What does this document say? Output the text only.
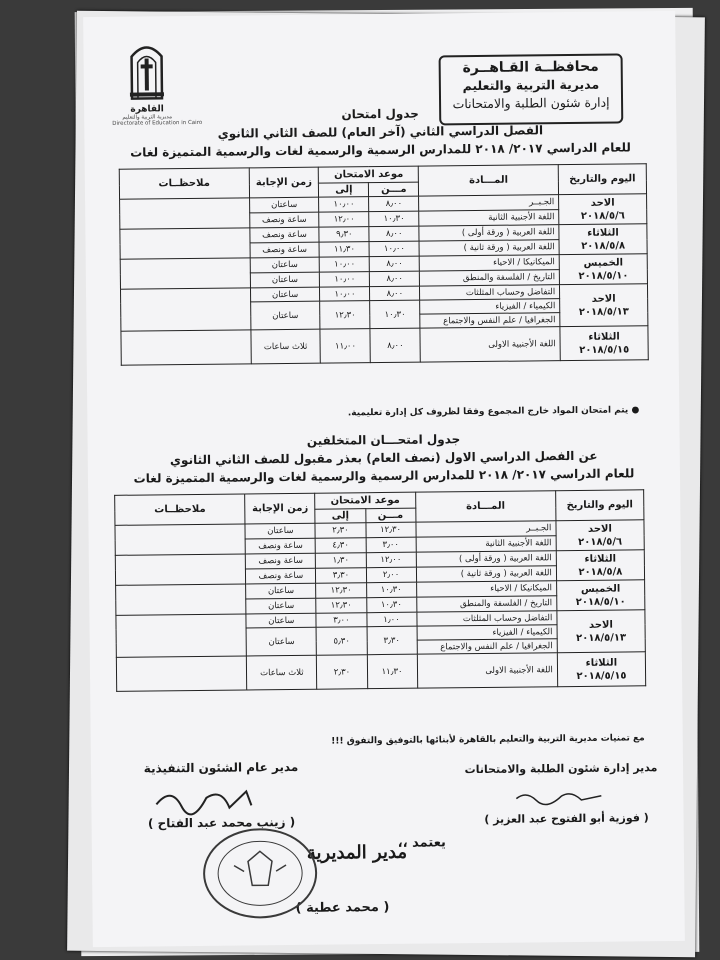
القاهرة
مديرية التربية والتعليم
Directorate of Education in Cairo
محافظــة القـاهــرة
مديرية التربية والتعليم
إدارة شئون الطلبة والامتحانات
جدول امتحان
الفصل الدراسي الثاني (آخر العام) للصف الثاني الثانوي
للعام الدراسي ٢٠١٧/ ٢٠١٨ للمدارس الرسمية والرسمية لغات والرسمية المتميزة لغات
اليوم والتاريخ	المـــادة	موعد الامتحان		زمن الإجابة	ملاحظــات
		مـــن	إلى		

الاحد
٢٠١٨/٥/٦	الجـبــر	٨٫٠٠	١٠٫٠٠	ساعتان	
	اللغة الأجنبية الثانية	١٠٫٣٠	١٢٫٠٠	ساعة ونصف	

الثلاثاء
٢٠١٨/٥/٨	اللغة العربية ( ورقة أولى )	٨٫٠٠	٩٫٣٠	ساعة ونصف	
	اللغة العربية ( ورقة ثانية )	١٠٫٠٠	١١٫٣٠	ساعة ونصف	

الخميس
٢٠١٨/٥/١٠	الميكانيكا / الاحياء	٨٫٠٠	١٠٫٠٠	ساعتان	
	التاريخ / الفلسفة والمنطق	٨٫٠٠	١٠٫٠٠	ساعتان	

الاحد
٢٠١٨/٥/١٣	التفاضل وحساب المثلثات	٨٫٠٠	١٠٫٠٠	ساعتان	
	الكيمياء / الفيزياء	١٠٫٣٠	١٢٫٣٠	ساعتان	
	الجغرافيا / علم النفس والاجتماع				

الثلاثاء
٢٠١٨/٥/١٥	اللغة الأجنبية الاولى	٨٫٠٠	١١٫٠٠	ثلاث ساعات	
● يتم امتحان المواد خارج المجموع وفقا لظروف كل إدارة تعليمية.
جدول امتحـــان المتخلفين
عن الفصل الدراسي الاول (نصف العام) بعذر مقبول للصف الثاني الثانوي
للعام الدراسي ٢٠١٧/ ٢٠١٨ للمدارس الرسمية والرسمية لغات والرسمية المتميزة لغات
اليوم والتاريخ	المـــادة	موعد الامتحان		زمن الإجابة	ملاحظــات
		مـــن	إلى		

الاحد
٢٠١٨/٥/٦	الجـبــر	١٢٫٣٠	٢٫٣٠	ساعتان	
	اللغة الأجنبية الثانية	٣٫٠٠	٤٫٣٠	ساعة ونصف	

الثلاثاء
٢٠١٨/٥/٨	اللغة العربية ( ورقة أولى )	١٢٫٠٠	١٫٣٠	ساعة ونصف	
	اللغة العربية ( ورقة ثانية )	٢٫٠٠	٣٫٣٠	ساعة ونصف	

الخميس
٢٠١٨/٥/١٠	الميكانيكا / الاحياء	١٠٫٣٠	١٢٫٣٠	ساعتان	
	التاريخ / الفلسفة والمنطق	١٠٫٣٠	١٢٫٣٠	ساعتان	

الاحد
٢٠١٨/٥/١٣	التفاضل وحساب المثلثات	١٫٠٠	٣٫٠٠	ساعتان	
	الكيمياء / الفيزياء	٣٫٣٠	٥٫٣٠	ساعتان	
	الجغرافيا / علم النفس والاجتماع				

الثلاثاء
٢٠١٨/٥/١٥	اللغة الأجنبية الاولى	١١٫٣٠	٢٫٣٠	ثلاث ساعات	
مع تمنيات مديرية التربية والتعليم بالقاهرة لأبنائها بالتوفيق والتفوق !!!
مدير عام الشئون التنفيذية
( زينب محمد عبد الفتاح )
مدير إدارة شئون الطلبة والامتحانات
( فوزية أبو الفتوح عبد العزيز )
يعتمد ،،
مدير المديرية
( محمد عطية )
